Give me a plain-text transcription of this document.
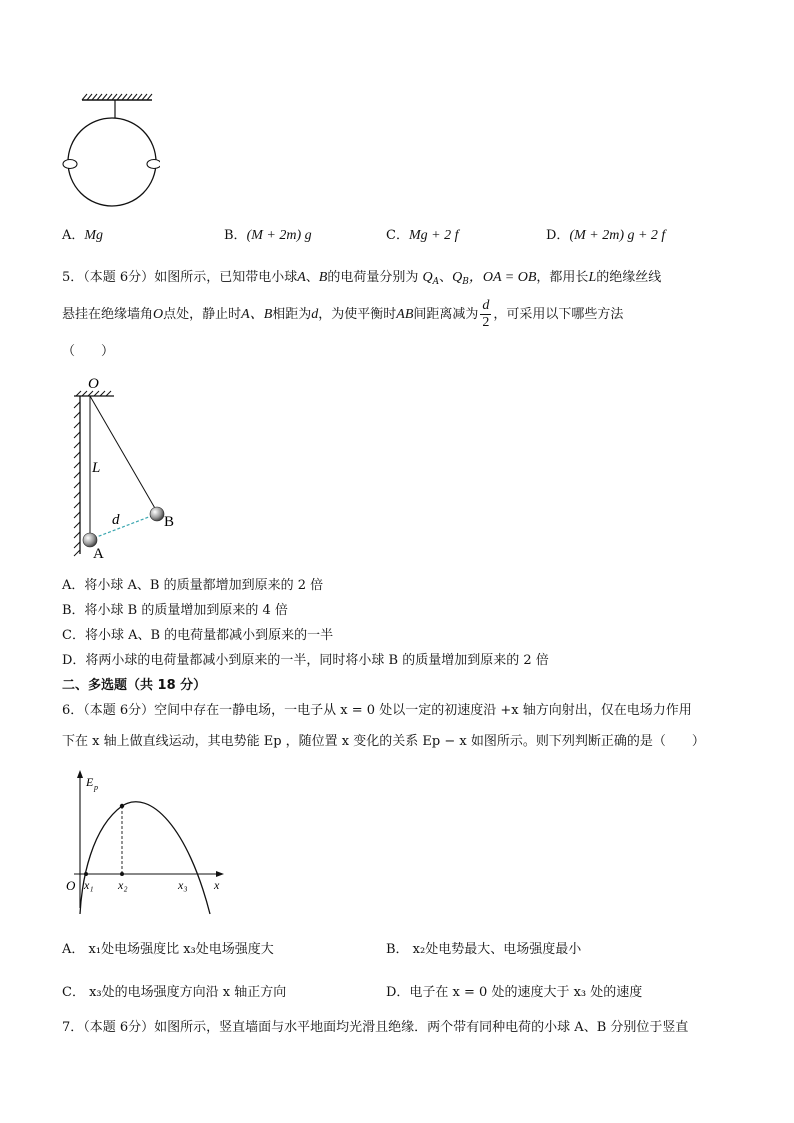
A．Mg	B．(M + 2m) g	C．Mg + 2 f	D．(M + 2m) g + 2 f
5．（本题 6分）如图所示，已知带电小球A、B的电荷量分别为 $Q_A$、$Q_B$，OA = OB，都用长L的绝缘丝线
悬挂在绝缘墙角O点处，静止时A、B相距为d，为使平衡时AB间距离减为 $\frac{d}{2}$ ，可采用以下哪些方法
（　　）
O
L
d
A
B
A．将小球 A、B 的质量都增加到原来的 2 倍
B．将小球 B 的质量增加到原来的 4 倍
C．将小球 A、B 的电荷量都减小到原来的一半
D．将两小球的电荷量都减小到原来的一半，同时将小球 B 的质量增加到原来的 2 倍
二、多选题（共 18 分）
6．（本题 6分）空间中存在一静电场，一电子从 x = 0 处以一定的初速度沿 +x 轴方向射出，仅在电场力作用
下在 x 轴上做直线运动，其电势能 Ep ，随位置 x 变化的关系 Ep − x 如图所示。则下列判断正确的是（　　）
E p
O x₁ x₂	x₃ x
A． x₁处电场强度比 x₃处电场强度大	B． x₂处电势最大、电场强度最小
C． x₃处的电场强度方向沿 x 轴正方向	D．电子在 x = 0 处的速度大于 x₃ 处的速度
7．（本题 6分）如图所示，竖直墙面与水平地面均光滑且绝缘．两个带有同种电荷的小球 A、B 分别位于竖直
